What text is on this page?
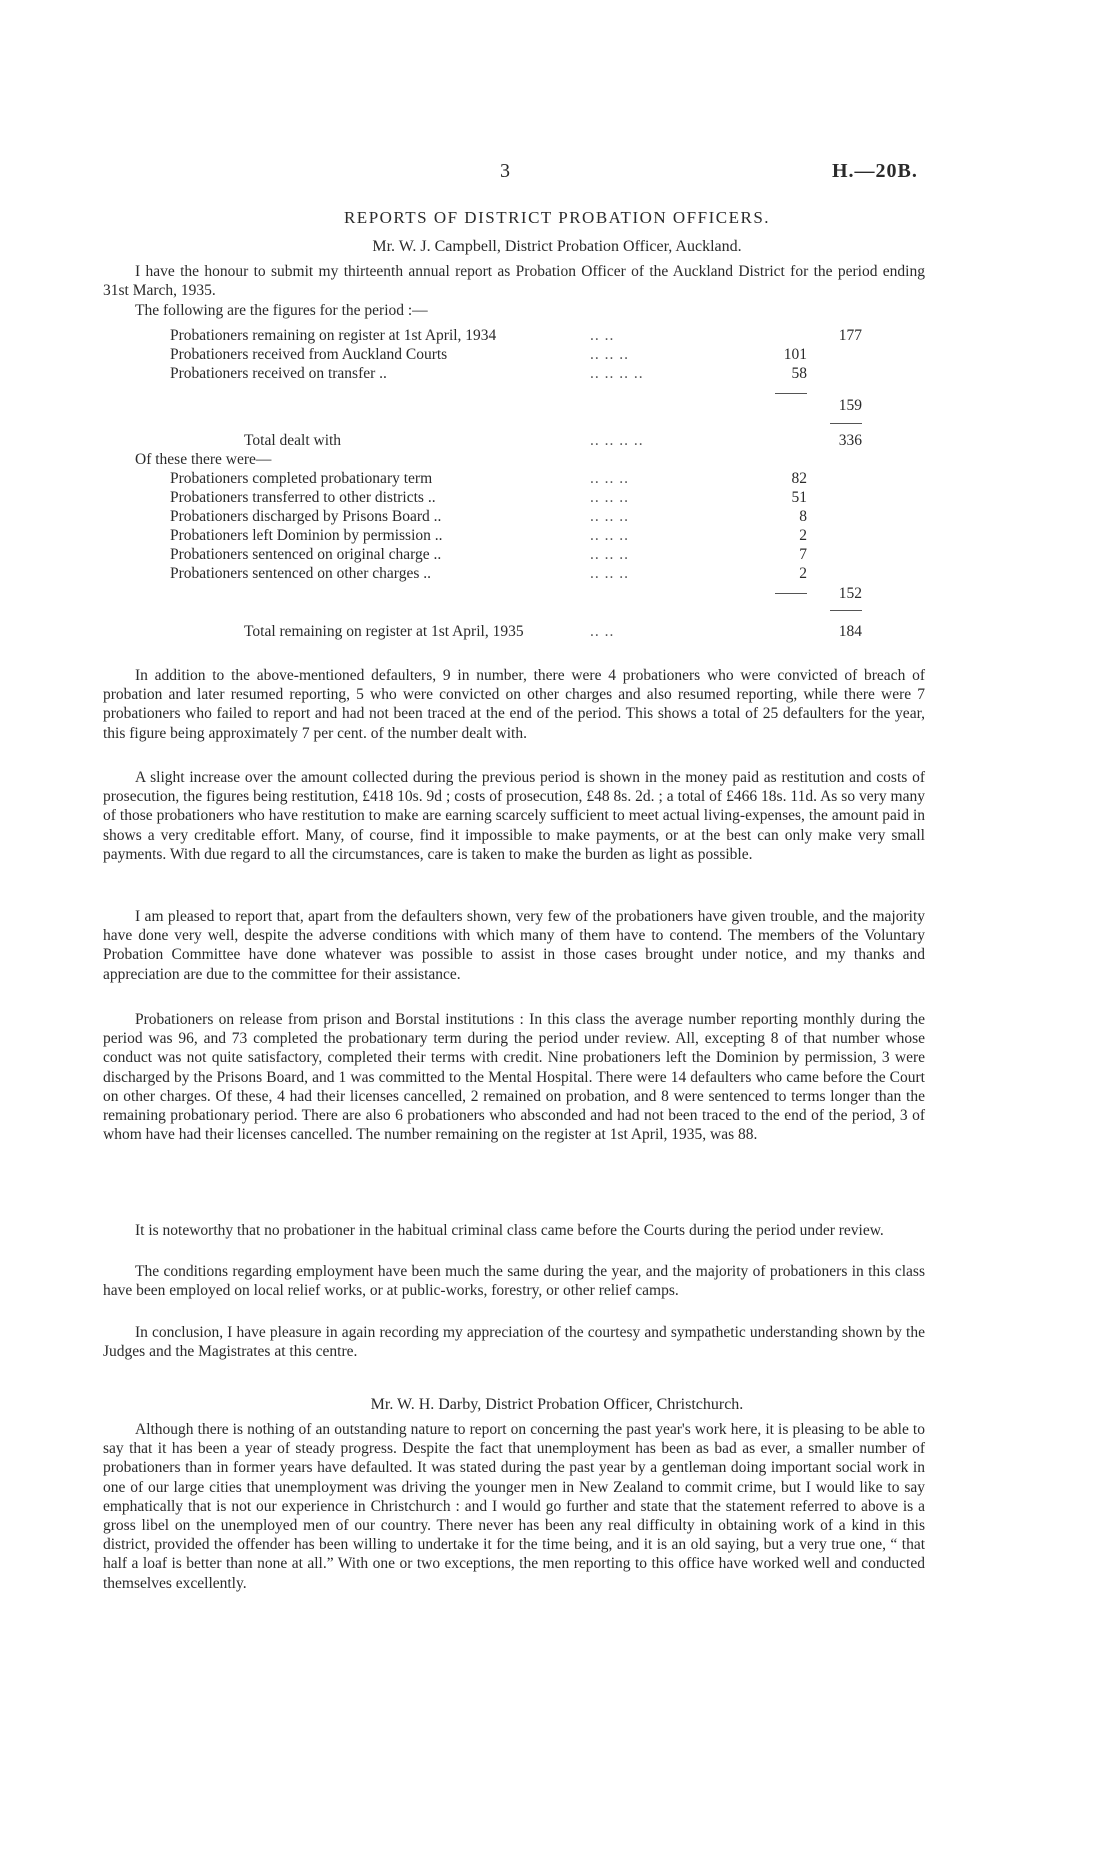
3	H.—20B.
REPORTS OF DISTRICT PROBATION OFFICERS.
Mr. W. J. Campbell, District Probation Officer, Auckland.
I have the honour to submit my thirteenth annual report as Probation Officer of the Auckland District for the period ending 31st March, 1935.
The following are the figures for the period :—
Probationers remaining on register at 1st April, 1934	.. ..	177
Probationers received from Auckland Courts	.. .. ..	101
Probationers received on transfer ..	.. .. .. ..	58
159
Total dealt with	.. .. .. ..	336
Of these there were—
Probationers completed probationary term	.. .. ..	82
Probationers transferred to other districts ..	.. .. ..	51
Probationers discharged by Prisons Board ..	.. .. ..	8
Probationers left Dominion by permission ..	.. .. ..	2
Probationers sentenced on original charge ..	.. .. ..	7
Probationers sentenced on other charges ..	.. .. ..	2
152
Total remaining on register at 1st April, 1935	.. ..	184
In addition to the above-mentioned defaulters, 9 in number, there were 4 probationers who were convicted of breach of probation and later resumed reporting, 5 who were convicted on other charges and also resumed reporting, while there were 7 probationers who failed to report and had not been traced at the end of the period. This shows a total of 25 defaulters for the year, this figure being approximately 7 per cent. of the number dealt with.
A slight increase over the amount collected during the previous period is shown in the money paid as restitution and costs of prosecution, the figures being restitution, £418 10s. 9d ; costs of prosecution, £48 8s. 2d. ; a total of £466 18s. 11d. As so very many of those probationers who have restitution to make are earning scarcely sufficient to meet actual living-expenses, the amount paid in shows a very creditable effort. Many, of course, find it impossible to make payments, or at the best can only make very small payments. With due regard to all the circumstances, care is taken to make the burden as light as possible.
I am pleased to report that, apart from the defaulters shown, very few of the probationers have given trouble, and the majority have done very well, despite the adverse conditions with which many of them have to contend. The members of the Voluntary Probation Committee have done whatever was possible to assist in those cases brought under notice, and my thanks and appreciation are due to the committee for their assistance.
Probationers on release from prison and Borstal institutions : In this class the average number reporting monthly during the period was 96, and 73 completed the probationary term during the period under review. All, excepting 8 of that number whose conduct was not quite satisfactory, completed their terms with credit. Nine probationers left the Dominion by permission, 3 were discharged by the Prisons Board, and 1 was committed to the Mental Hospital. There were 14 defaulters who came before the Court on other charges. Of these, 4 had their licenses cancelled, 2 remained on probation, and 8 were sentenced to terms longer than the remaining probationary period. There are also 6 probationers who absconded and had not been traced to the end of the period, 3 of whom have had their licenses cancelled. The number remaining on the register at 1st April, 1935, was 88.
It is noteworthy that no probationer in the habitual criminal class came before the Courts during the period under review.
The conditions regarding employment have been much the same during the year, and the majority of probationers in this class have been employed on local relief works, or at public-works, forestry, or other relief camps.
In conclusion, I have pleasure in again recording my appreciation of the courtesy and sympathetic understanding shown by the Judges and the Magistrates at this centre.
Mr. W. H. Darby, District Probation Officer, Christchurch.
Although there is nothing of an outstanding nature to report on concerning the past year's work here, it is pleasing to be able to say that it has been a year of steady progress. Despite the fact that unemployment has been as bad as ever, a smaller number of probationers than in former years have defaulted. It was stated during the past year by a gentleman doing important social work in one of our large cities that unemployment was driving the younger men in New Zealand to commit crime, but I would like to say emphatically that is not our experience in Christchurch : and I would go further and state that the statement referred to above is a gross libel on the unemployed men of our country. There never has been any real difficulty in obtaining work of a kind in this district, provided the offender has been willing to undertake it for the time being, and it is an old saying, but a very true one, “ that half a loaf is better than none at all.” With one or two exceptions, the men reporting to this office have worked well and conducted themselves excellently.
